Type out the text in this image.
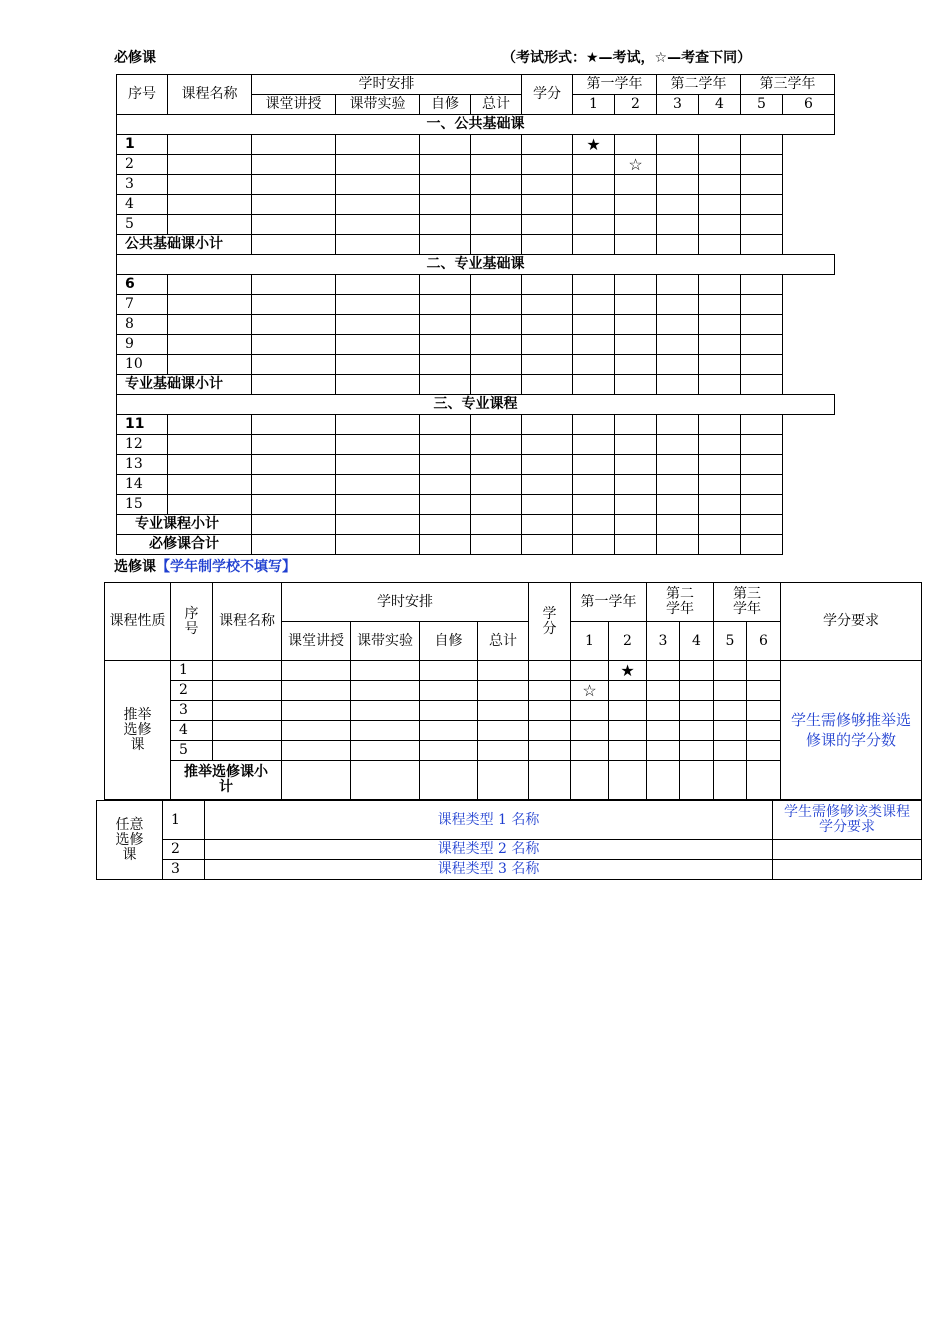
必修课	（考试形式：★—考试，☆—考查下同）
序号	课程名称	学时安排				学分	第一学年		第二学年		第三学年	
		课堂讲授	课带实验	自修	总计		1	2	3	4	5	6
一、公共基础课												
1							★					
2								☆				
3												
4												
5												
公共基础课小计												
二、专业基础课												
6												
7												
8												
9												
10												
专业基础课小计												
三、专业课程												
11												
12												
13												
14												
15												
专业课程小计												
必修课合计												
选修课【学年制学校不填写】
课程性质	序号	课程名称	学时安排				学分	第一学年		第二学年		第三学年		学分要求
			课堂讲授	课带实验	自修	总计		1	2	3	4	5	6	
推举选修课	1								★					学生需修够推举选修课的学分数
	2							☆						
	3													
	4													
	5													
	推举选修课小计													
任意选修课	1	课程类型 1 名称	学生需修够该类课程学分要求
	2	课程类型 2 名称	
	3	课程类型 3 名称	
